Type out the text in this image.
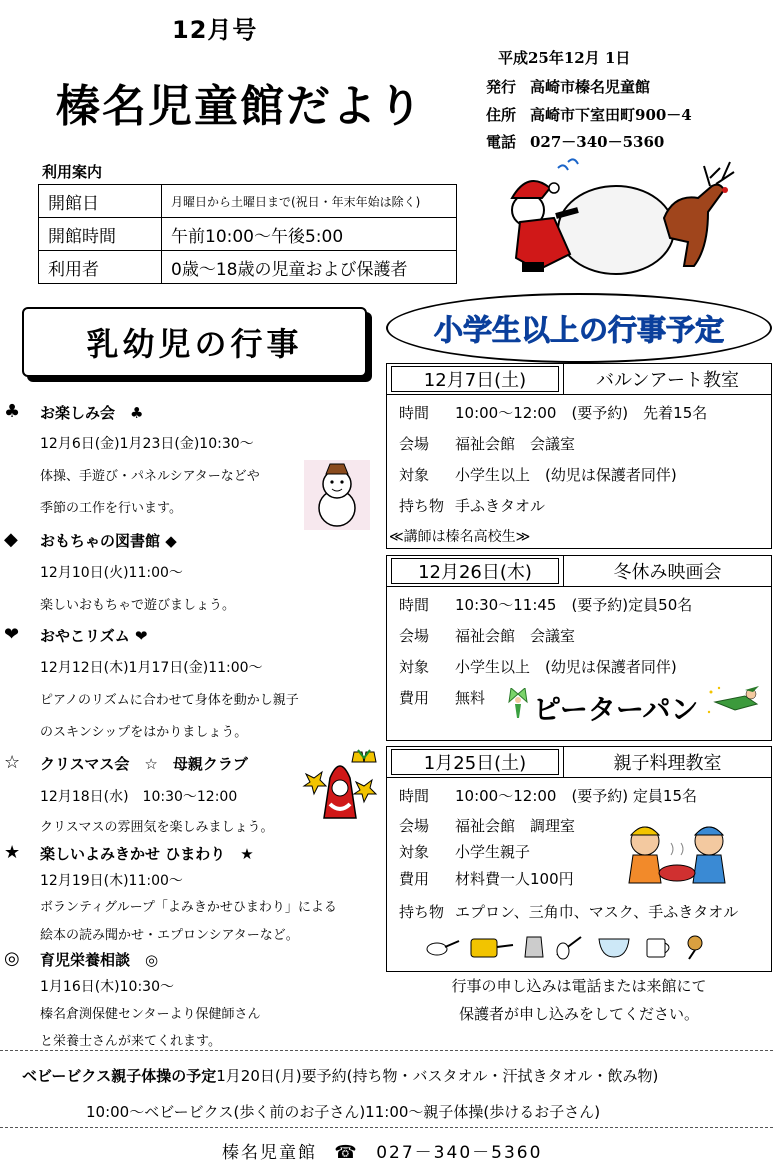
12月号
榛名児童館だより
平成25年12月 1日
発行 高崎市榛名児童館
住所 高崎市下室田町900－4
電話 027－340－5360
利用案内
開館日	月曜日から土曜日まで(祝日・年末年始は除く)
開館時間	午前10:00～午後5:00
利用者	0歳～18歳の児童および保護者
乳幼児の行事	小学生以上の行事予定
♣ お楽しみ会　♣
12月6日(金)1月23日(金)10:30～
体操、手遊び・パネルシアターなどや
季節の工作を行います。
◆ おもちゃの図書館 ◆
12月10日(火)11:00～
楽しいおもちゃで遊びましょう。
❤ おやこリズム ❤
12月12日(木)1月17日(金)11:00～
ピアノのリズムに合わせて身体を動かし親子
のスキンシップをはかりましょう。
☆ クリスマス会　☆　母親クラブ
12月18日(水)　10:30～12:00
クリスマスの雰囲気を楽しみましょう。
★ 楽しいよみきかせ ひまわり　★
12月19日(木)11:00～
ボランティグループ「よみきかせひまわり」による
絵本の読み聞かせ・エプロンシアターなど。
◎ 育児栄養相談　◎
1月16日(木)10:30～
榛名倉渕保健センターより保健師さん
と栄養士さんが来てくれます。
12月7日(土)	バルンアート教室
時間 10:00～12:00　(要予約)　先着15名
会場 福祉会館　会議室
対象 小学生以上　(幼児は保護者同伴)
持ち物 手ふきタオル
≪講師は榛名高校生≫
12月26日(木)	冬休み映画会
時間 10:30～11:45　(要予約)定員50名
会場 福祉会館　会議室
対象 小学生以上　(幼児は保護者同伴)
費用 無料 ピーターパン
1月25日(土)	親子料理教室
時間 10:00～12:00　(要予約) 定員15名
会場 福祉会館　調理室
対象 小学生親子
費用 材料費一人100円
持ち物 エプロン、三角巾、マスク、手ふきタオル
行事の申し込みは電話または来館にて
保護者が申し込みをしてください。
ベビービクス親子体操の予定1月20日(月)要予約(持ち物・バスタオル・汗拭きタオル・飲み物)
10:00～ベビービクス(歩く前のお子さん)11:00～親子体操(歩けるお子さん)
榛名児童館 ☎ 027－340－5360
